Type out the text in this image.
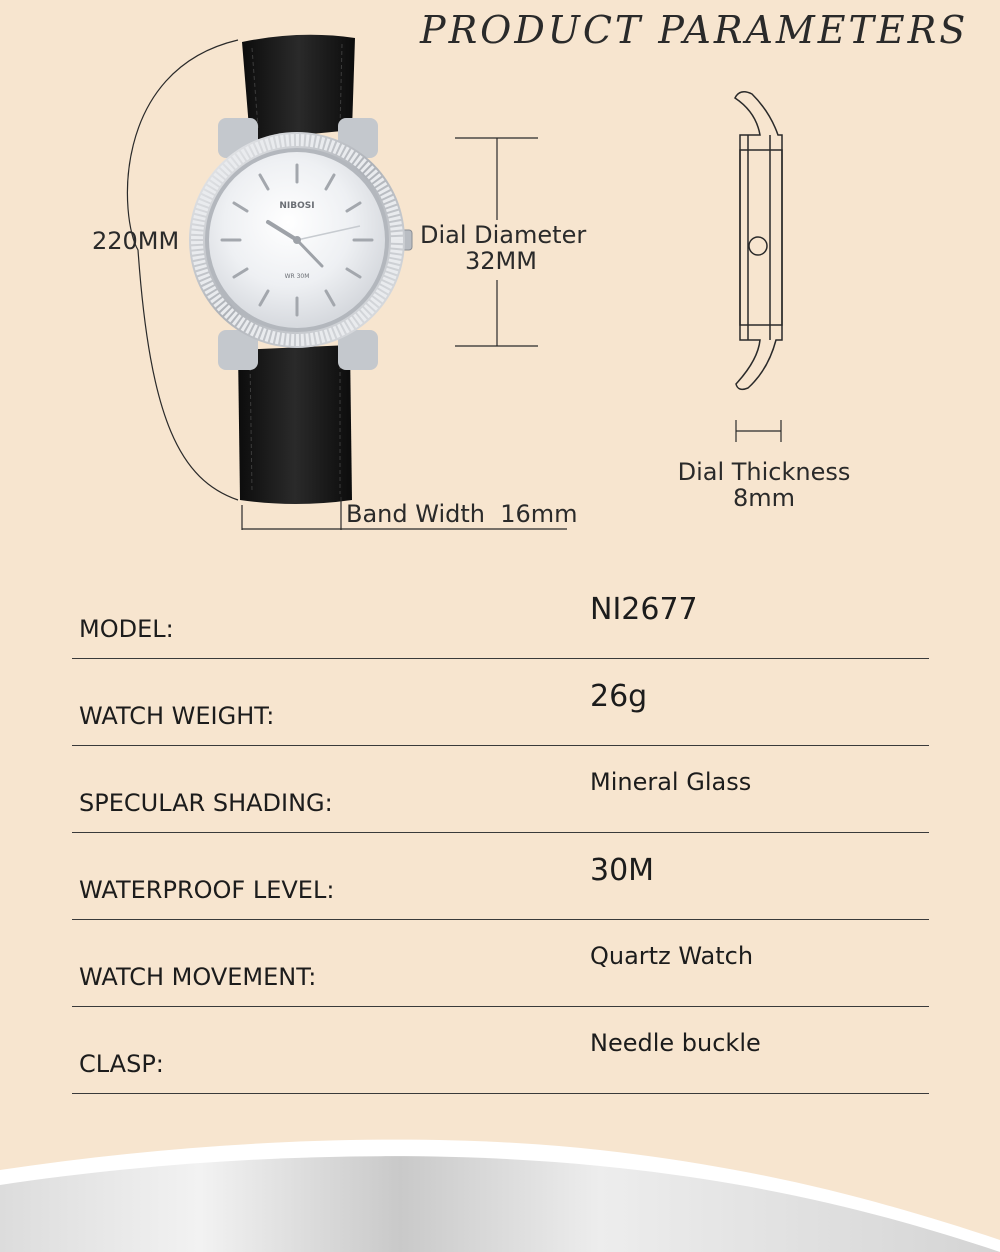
PRODUCT PARAMETERS
NIBOSI
WR 30M
220MM	Dial Diameter
32MM
Band Width  16mm
Dial Thickness
8mm
MODEL:
NI2677
WATCH WEIGHT:
26g
SPECULAR SHADING:
Mineral Glass
WATERPROOF LEVEL:
30M
WATCH MOVEMENT:
Quartz Watch
CLASP:
Needle buckle
